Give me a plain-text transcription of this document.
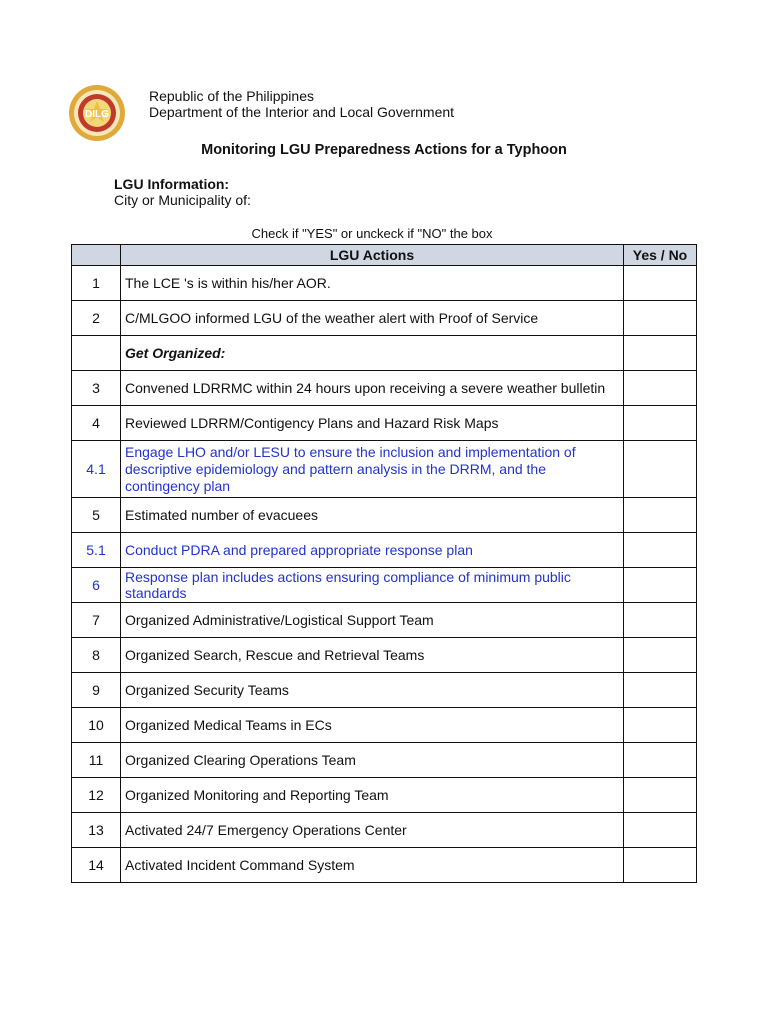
DILG
Republic of the Philippines
Department of the Interior and Local Government
Monitoring LGU Preparedness Actions for a Typhoon
LGU Information:
City or Municipality of:
Check if "YES" or unckeck if "NO" the box
	LGU Actions	Yes / No
1	The LCE 's is within his/her AOR.	
2	C/MLGOO informed LGU of the weather alert with Proof of Service	
	Get Organized:	
3	Convened LDRRMC within 24 hours upon receiving a severe weather bulletin	
4	Reviewed LDRRM/Contigency Plans and Hazard Risk Maps	
4.1	Engage LHO and/or LESU to ensure the inclusion and implementation of descriptive epidemiology and pattern analysis in the DRRM, and the contingency plan	
5	Estimated number of evacuees	
5.1	Conduct PDRA and prepared appropriate response plan	
6	Response plan includes actions ensuring compliance of minimum public standards	
7	Organized Administrative/Logistical Support Team	
8	Organized Search, Rescue and Retrieval Teams	
9	Organized Security Teams	
10	Organized Medical Teams in ECs	
11	Organized Clearing Operations Team	
12	Organized Monitoring and Reporting Team	
13	Activated 24/7 Emergency Operations Center	
14	Activated Incident Command System	
